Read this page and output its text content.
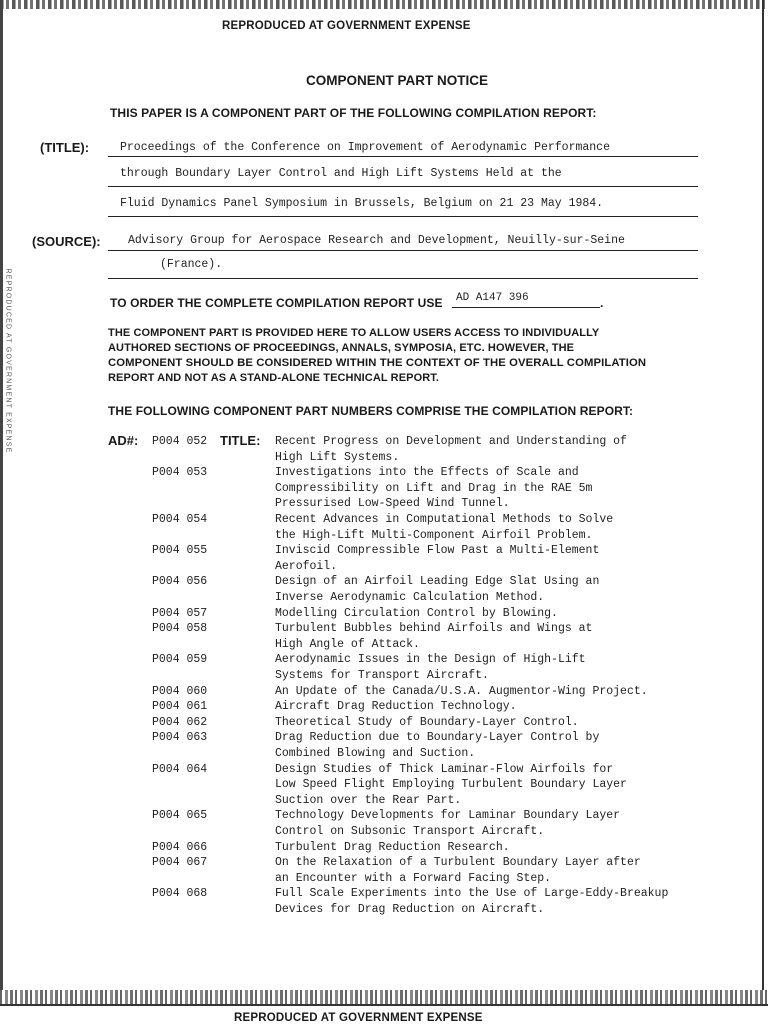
REPRODUCED AT GOVERNMENT EXPENSE
REPRODUCED AT GOVERNMENT EXPENSE
COMPONENT PART NOTICE
THIS PAPER IS A COMPONENT PART OF THE FOLLOWING COMPILATION REPORT:
(TITLE):	Proceedings of the Conference on Improvement of Aerodynamic Performance
through Boundary Layer Control and High Lift Systems Held at the
Fluid Dynamics Panel Symposium in Brussels, Belgium on 21 23 May 1984.
(SOURCE): Advisory Group for Aerospace Research and Development, Neuilly-sur-Seine
(France).
TO ORDER THE COMPLETE COMPILATION REPORT USE AD A147 396	.
THE COMPONENT PART IS PROVIDED HERE TO ALLOW USERS ACCESS TO INDIVIDUALLY
AUTHORED SECTIONS OF PROCEEDINGS, ANNALS, SYMPOSIA, ETC. HOWEVER, THE
COMPONENT SHOULD BE CONSIDERED WITHIN THE CONTEXT OF THE OVERALL COMPILATION
REPORT AND NOT AS A STAND-ALONE TECHNICAL REPORT.
THE FOLLOWING COMPONENT PART NUMBERS COMPRISE THE COMPILATION REPORT:
AD#:	TITLE:
P004 052	Recent Progress on Development and Understanding of
High Lift Systems.
P004 053	Investigations into the Effects of Scale and
Compressibility on Lift and Drag in the RAE 5m
Pressurised Low-Speed Wind Tunnel.
P004 054	Recent Advances in Computational Methods to Solve
the High-Lift Multi-Component Airfoil Problem.
P004 055	Inviscid Compressible Flow Past a Multi-Element
Aerofoil.
P004 056	Design of an Airfoil Leading Edge Slat Using an
Inverse Aerodynamic Calculation Method.
P004 057	Modelling Circulation Control by Blowing.
P004 058	Turbulent Bubbles behind Airfoils and Wings at
High Angle of Attack.
P004 059	Aerodynamic Issues in the Design of High-Lift
Systems for Transport Aircraft.
P004 060	An Update of the Canada/U.S.A. Augmentor-Wing Project.
P004 061	Aircraft Drag Reduction Technology.
P004 062	Theoretical Study of Boundary-Layer Control.
P004 063	Drag Reduction due to Boundary-Layer Control by
Combined Blowing and Suction.
P004 064	Design Studies of Thick Laminar-Flow Airfoils for
Low Speed Flight Employing Turbulent Boundary Layer
Suction over the Rear Part.
P004 065	Technology Developments for Laminar Boundary Layer
Control on Subsonic Transport Aircraft.
P004 066	Turbulent Drag Reduction Research.
P004 067	On the Relaxation of a Turbulent Boundary Layer after
an Encounter with a Forward Facing Step.
P004 068	Full Scale Experiments into the Use of Large-Eddy-Breakup
Devices for Drag Reduction on Aircraft.
REPRODUCED AT GOVERNMENT EXPENSE
